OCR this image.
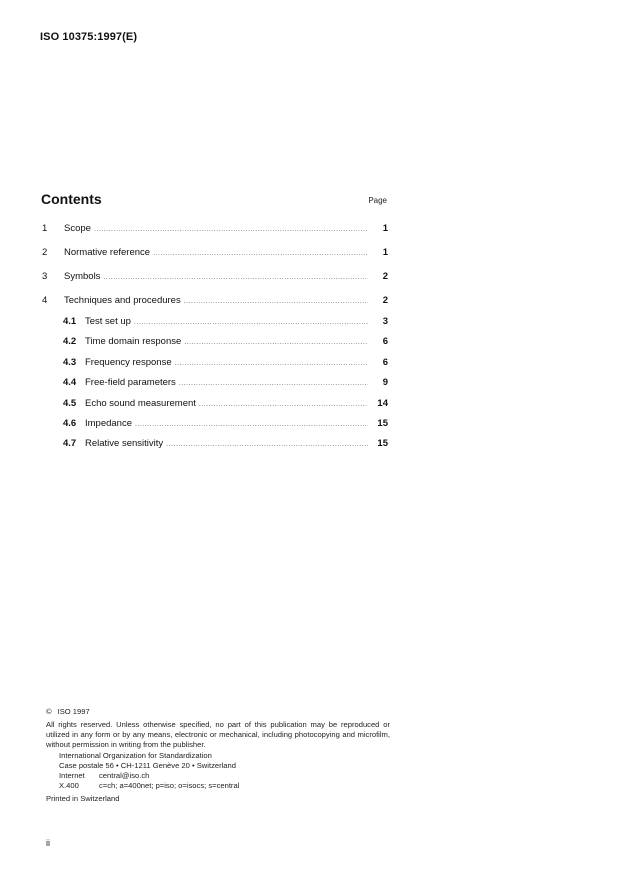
ISO 10375:1997(E)
Contents	Page
1	Scope .....	1
2	Normative reference .....	1
3	Symbols .....	2
4	Techniques and procedures .....	2
4.1 Test set up .....	3
4.2 Time domain response .....	6
4.3 Frequency response .....	6
4.4 Free-field parameters .....	9
4.5 Echo sound measurement .....	14
4.6 Impedance .....	15
4.7 Relative sensitivity .....	15
© ISO 1997
All rights reserved. Unless otherwise specified, no part of this publication may be reproduced or utilized in any form or by any means, electronic or mechanical, including photocopying and microfilm, without permission in writing from the publisher.
International Organization for Standardization
Case postale 56 • CH-1211 Genève 20 • Switzerland
Internet	central@iso.ch
X.400	c=ch; a=400net; p=iso; o=isocs; s=central
Printed in Switzerland
ii
